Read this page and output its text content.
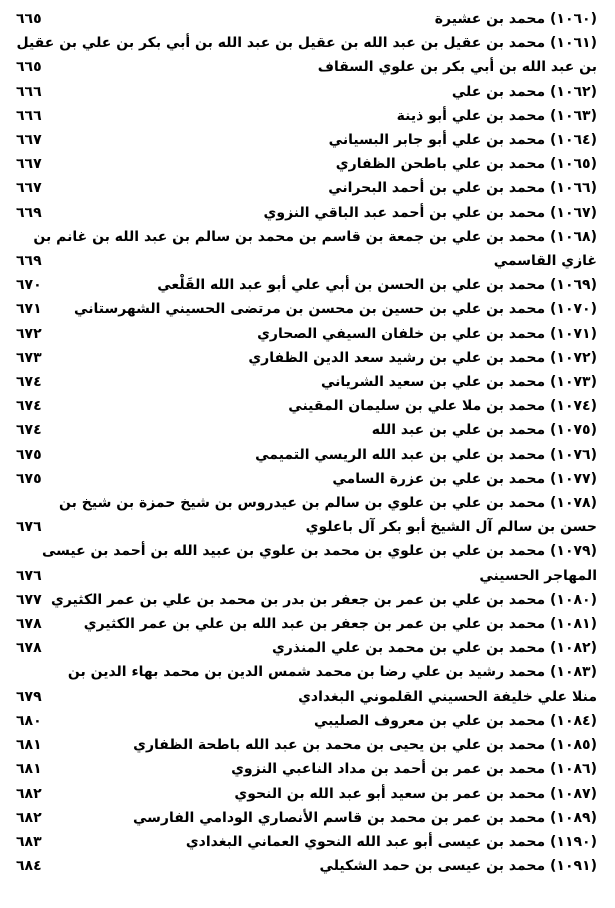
(١٠٦٠) محمد بن عشيرة
٦٦٥
(١٠٦١) محمد بن عقيل بن عبد الله بن عقيل بن عبد الله بن أبي بكر بن علي بن عقيل
بن عبد الله بن أبي بكر بن علوي السقاف
٦٦٥
(١٠٦٢) محمد بن علي
٦٦٦
(١٠٦٣) محمد بن علي أبو ذينة
٦٦٦
(١٠٦٤) محمد بن علي أبو جابر البسياني
٦٦٧
(١٠٦٥) محمد بن علي باطحن الظفاري
٦٦٧
(١٠٦٦) محمد بن علي بن أحمد البحراني
٦٦٧
(١٠٦٧) محمد بن علي بن أحمد عبد الباقي النزوي
٦٦٩
(١٠٦٨) محمد بن علي بن جمعة بن قاسم بن محمد بن سالم بن عبد الله بن غانم بن
غازي القاسمي
٦٦٩
(١٠٦٩) محمد بن علي بن الحسن بن أبي علي أبو عبد الله القَلْعي
٦٧٠
(١٠٧٠) محمد بن علي بن حسين بن محسن بن مرتضى الحسيني الشهرستاني
٦٧١
(١٠٧١) محمد بن علي بن خلفان السيفي الصحاري
٦٧٢
(١٠٧٢) محمد بن علي بن رشيد سعد الدين الظفاري
٦٧٣
(١٠٧٣) محمد بن علي بن سعيد الشرياني
٦٧٤
(١٠٧٤) محمد بن ملا علي بن سليمان المقيني
٦٧٤
(١٠٧٥) محمد بن علي بن عبد الله
٦٧٤
(١٠٧٦) محمد بن علي بن عبد الله الريسي التميمي
٦٧٥
(١٠٧٧) محمد بن علي بن عزرة السامي
٦٧٥
(١٠٧٨) محمد بن علي بن علوي بن سالم بن عيدروس بن شيخ حمزة بن شيخ بن
حسن بن سالم آل الشيخ أبو بكر آل باعلوي
٦٧٦
(١٠٧٩) محمد بن علي بن علوي بن محمد بن علوي بن عبيد الله بن أحمد بن عيسى
المهاجر الحسيني
٦٧٦
(١٠٨٠) محمد بن علي بن عمر بن جعفر بن بدر بن محمد بن علي بن عمر الكثيري
٦٧٧
(١٠٨١) محمد بن علي بن عمر بن جعفر بن عبد الله بن علي بن عمر الكثيري
٦٧٨
(١٠٨٢) محمد بن علي بن محمد بن علي المنذري
٦٧٨
(١٠٨٣) محمد رشيد بن علي رضا بن محمد شمس الدين بن محمد بهاء الدين بن
منلا علي خليفة الحسيني القلموني البغدادي
٦٧٩
(١٠٨٤) محمد بن علي بن معروف الصليبي
٦٨٠
(١٠٨٥) محمد بن علي بن يحيى بن محمد بن عبد الله باطحة الظفاري
٦٨١
(١٠٨٦) محمد بن عمر بن أحمد بن مداد الناعبي النزوي
٦٨١
(١٠٨٧) محمد بن عمر بن سعيد أبو عبد الله بن النحوي
٦٨٢
(١٠٨٩) محمد بن عمر بن محمد بن قاسم الأنصاري الودامي الفارسي
٦٨٢
(١١٩٠) محمد بن عيسى أبو عبد الله النحوي العماني البغدادي
٦٨٣
(١٠٩١) محمد بن عيسى بن حمد الشكيلي
٦٨٤
